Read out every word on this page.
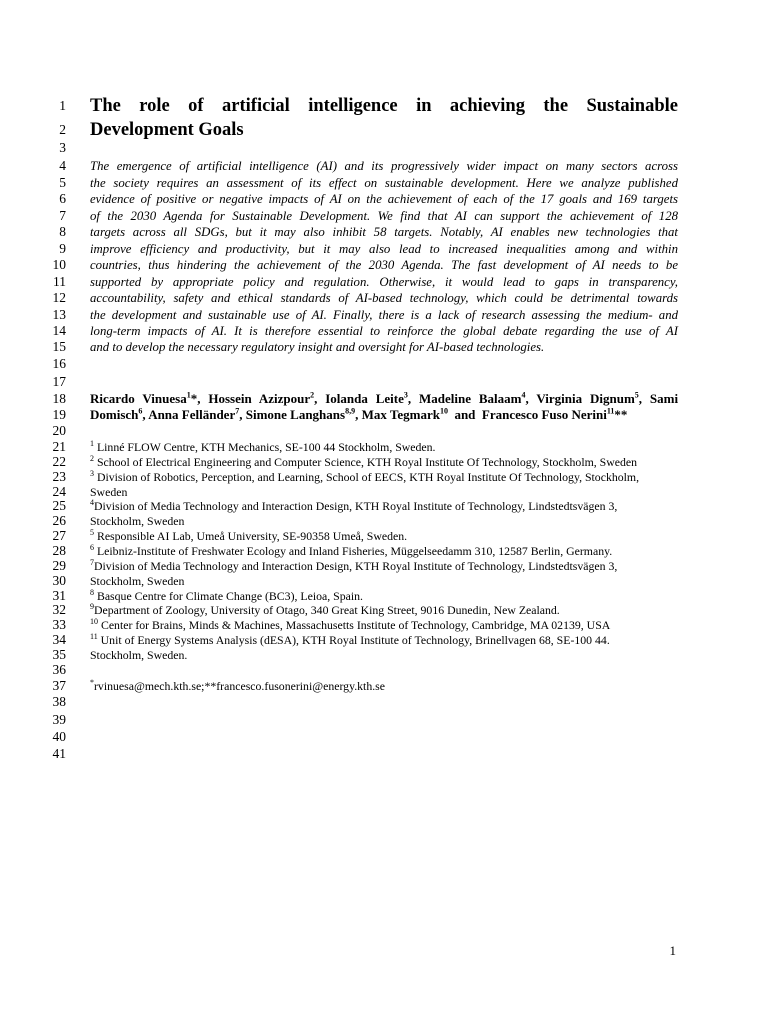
1
2
3
4
5
6
7
8
9
10
11
12
13
14
15
16
17
18
19
20
21
22
23
24
25
26
27
28
29
30
31
32
33
34
35
36
37
38
39
40
41
The role of artificial intelligence in achieving the Sustainable
Development Goals
The emergence of artificial intelligence (AI) and its progressively wider impact on many sectors across
the society requires an assessment of its effect on sustainable development. Here we analyze published
evidence of positive or negative impacts of AI on the achievement of each of the 17 goals and 169 targets
of the 2030 Agenda for Sustainable Development. We find that AI can support the achievement of 128
targets across all SDGs, but it may also inhibit 58 targets. Notably, AI enables new technologies that
improve efficiency and productivity, but it may also lead to increased inequalities among and within
countries, thus hindering the achievement of the 2030 Agenda. The fast development of AI needs to be
supported by appropriate policy and regulation. Otherwise, it would lead to gaps in transparency,
accountability, safety and ethical standards of AI-based technology, which could be detrimental towards
the development and sustainable use of AI. Finally, there is a lack of research assessing the medium- and
long-term impacts of AI. It is therefore essential to reinforce the global debate regarding the use of AI
and to develop the necessary regulatory insight and oversight for AI-based technologies.
Ricardo Vinuesa$^1$*, Hossein Azizpour$^2$, Iolanda Leite$^3$, Madeline Balaam$^4$, Virginia Dignum$^5$, Sami
Domisch$^6$, Anna Felländer$^7$, Simone Langhans$^{8,9}$, Max Tegmark$^{10}$  and  Francesco Fuso Nerini$^{11}$**
$^1$ Linné FLOW Centre, KTH Mechanics, SE-100 44 Stockholm, Sweden.
$^2$ School of Electrical Engineering and Computer Science, KTH Royal Institute Of Technology, Stockholm, Sweden
$^3$ Division of Robotics, Perception, and Learning, School of EECS, KTH Royal Institute Of Technology, Stockholm,
Sweden
$^4$Division of Media Technology and Interaction Design, KTH Royal Institute of Technology, Lindstedtsvägen 3,
Stockholm, Sweden
$^5$ Responsible AI Lab, Umeå University, SE-90358 Umeå, Sweden.
$^6$ Leibniz-Institute of Freshwater Ecology and Inland Fisheries, Müggelseedamm 310, 12587 Berlin, Germany.
$^7$Division of Media Technology and Interaction Design, KTH Royal Institute of Technology, Lindstedtsvägen 3,
Stockholm, Sweden
$^8$ Basque Centre for Climate Change (BC3), Leioa, Spain.
$^9$Department of Zoology, University of Otago, 340 Great King Street, 9016 Dunedin, New Zealand.
$^{10}$ Center for Brains, Minds & Machines, Massachusetts Institute of Technology, Cambridge, MA 02139, USA
$^{11}$ Unit of Energy Systems Analysis (dESA), KTH Royal Institute of Technology, Brinellvagen 68, SE-100 44.
Stockholm, Sweden.
*rvinuesa@mech.kth.se;**francesco.fusonerini@energy.kth.se
1
